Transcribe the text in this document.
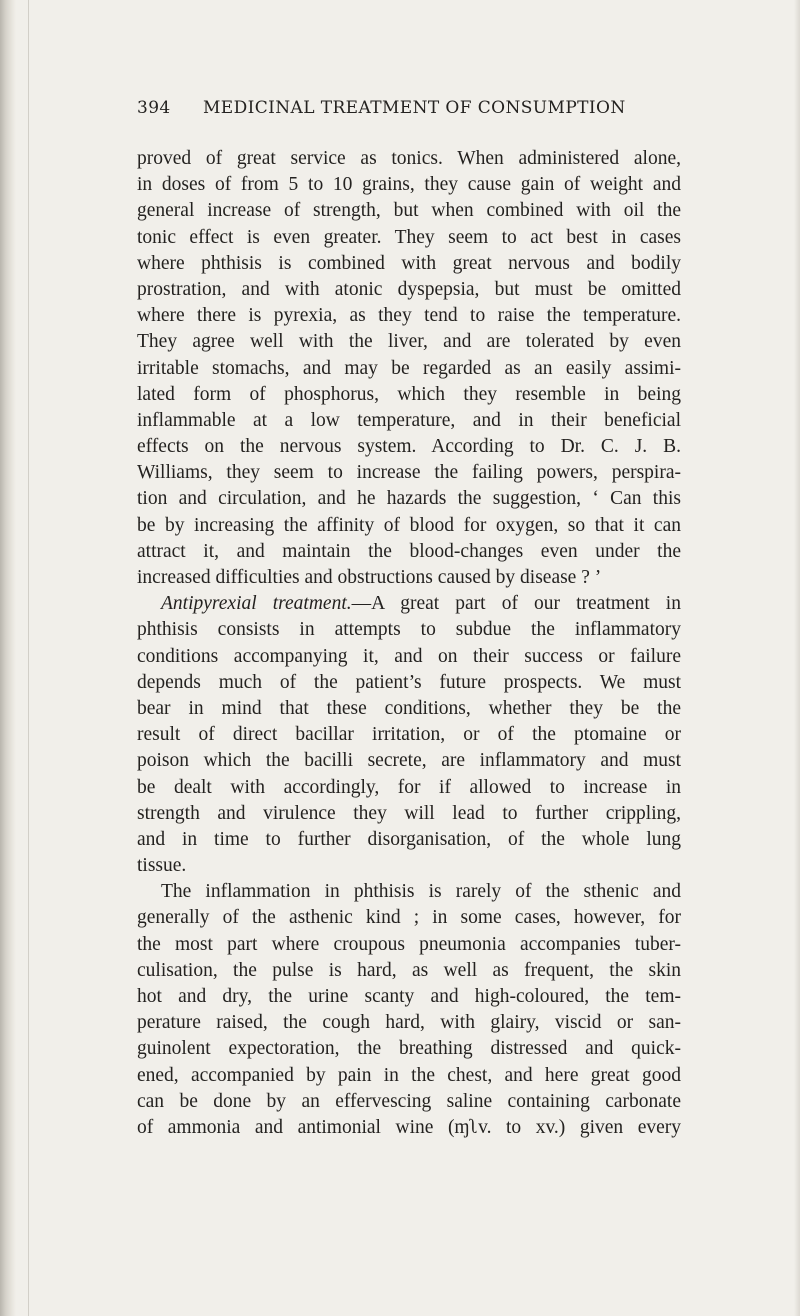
394 MEDICINAL TREATMENT OF CONSUMPTION
proved of great service as tonics. When administered alone,
in doses of from 5 to 10 grains, they cause gain of weight and
general increase of strength, but when combined with oil the
tonic effect is even greater. They seem to act best in cases
where phthisis is combined with great nervous and bodily
prostration, and with atonic dyspepsia, but must be omitted
where there is pyrexia, as they tend to raise the temperature.
They agree well with the liver, and are tolerated by even
irritable stomachs, and may be regarded as an easily assimi-
lated form of phosphorus, which they resemble in being
inflammable at a low temperature, and in their beneficial
effects on the nervous system. According to Dr. C. J. B.
Williams, they seem to increase the failing powers, perspira-
tion and circulation, and he hazards the suggestion, ‘ Can this
be by increasing the affinity of blood for oxygen, so that it can
attract it, and maintain the blood-changes even under the
increased difficulties and obstructions caused by disease ? ’
Antipyrexial treatment.—A great part of our treatment in
phthisis consists in attempts to subdue the inflammatory
conditions accompanying it, and on their success or failure
depends much of the patient’s future prospects. We must
bear in mind that these conditions, whether they be the
result of direct bacillar irritation, or of the ptomaine or
poison which the bacilli secrete, are inflammatory and must
be dealt with accordingly, for if allowed to increase in
strength and virulence they will lead to further crippling,
and in time to further disorganisation, of the whole lung
tissue.
The inflammation in phthisis is rarely of the sthenic and
generally of the asthenic kind ; in some cases, however, for
the most part where croupous pneumonia accompanies tuber-
culisation, the pulse is hard, as well as frequent, the skin
hot and dry, the urine scanty and high-coloured, the tem-
perature raised, the cough hard, with glairy, viscid or san-
guinolent expectoration, the breathing distressed and quick-
ened, accompanied by pain in the chest, and here great good
can be done by an effervescing saline containing carbonate
of ammonia and antimonial wine (ɱʅv. to xv.) given every
